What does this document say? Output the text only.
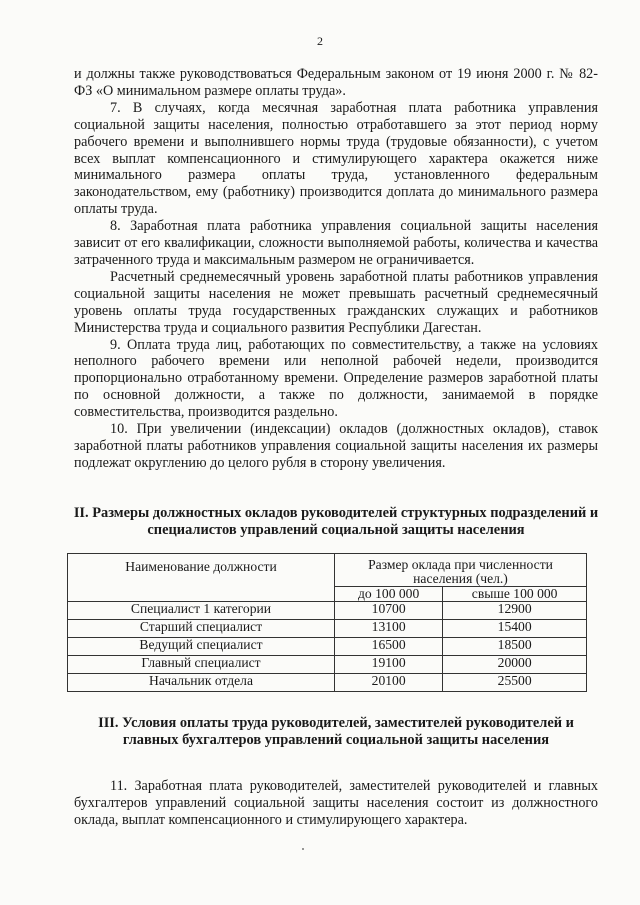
2

и должны также руководствоваться Федеральным законом от 19 июня 2000 г. № 82-ФЗ «О минимальном размере оплаты труда».

7. В случаях, когда месячная заработная плата работника управления социальной защиты населения, полностью отработавшего за этот период норму рабочего времени и выполнившего нормы труда (трудовые обязанности), с учетом всех выплат компенсационного и стимулирующего характера окажется ниже минимального размера оплаты труда, установленного федеральным законодательством, ему (работнику) производится доплата до минимального размера оплаты труда.

8. Заработная плата работника управления социальной защиты населения зависит от его квалификации, сложности выполняемой работы, количества и качества затраченного труда и максимальным размером не ограничивается.

Расчетный среднемесячный уровень заработной платы работников управления социальной защиты населения не может превышать расчетный среднемесячный уровень оплаты труда государственных гражданских служащих и работников Министерства труда и социального развития Республики Дагестан.

9. Оплата труда лиц, работающих по совместительству, а также на условиях неполного рабочего времени или неполной рабочей недели, производится пропорционально отработанному времени. Определение размеров заработной платы по основной должности, а также по должности, занимаемой в порядке совместительства, производится раздельно.

10. При увеличении (индексации) окладов (должностных окладов), ставок заработной платы работников управления социальной защиты населения их размеры подлежат округлению до целого рубля в сторону увеличения.

II. Размеры должностных окладов руководителей структурных подразделений и специалистов управлений социальной защиты населения
Наименование должности	Размер оклада при численности населения (чел.)	
	до 100 000	свыше 100 000
Специалист 1 категории	10700	12900
Старший специалист	13100	15400
Ведущий специалист	16500	18500
Главный специалист	19100	20000
Начальник отдела	20100	25500
III. Условия оплаты труда руководителей, заместителей руководителей и главных бухгалтеров управлений социальной защиты населения

11. Заработная плата руководителей, заместителей руководителей и главных бухгалтеров управлений социальной защиты населения состоит из должностного оклада, выплат компенсационного и стимулирующего характера.
